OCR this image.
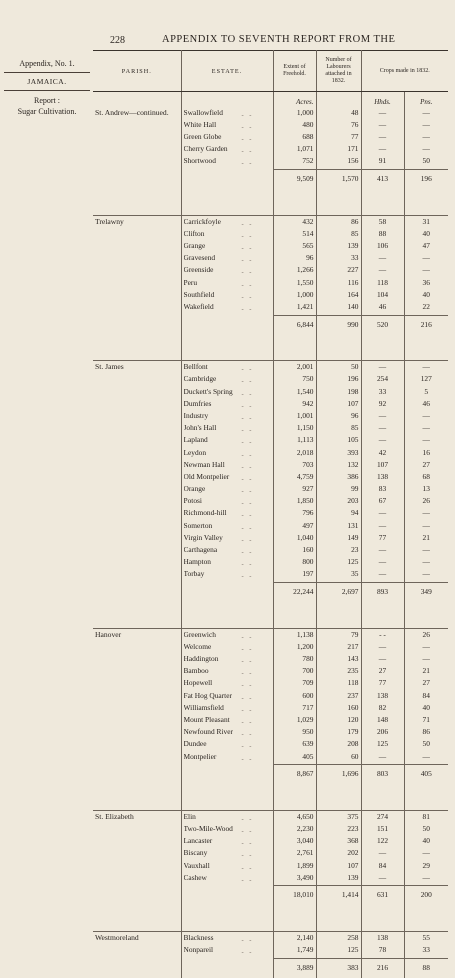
228	APPENDIX TO SEVENTH REPORT FROM THE
Appendix, No. 1.
JAMAICA.
Report :
Sugar Cultivation.
PARISH.	ESTATE.	Extent of Freehold.	Number of Labourers attached in 1832.	Crops made in 1832.	
		Acres.		Hhds.	Pns.
St. Andrew—continued.	Swallowfield - -	1,000	48	—	—
	White Hall - -	480	76	—	—
	Green Globe - -	688	77	—	—
	Cherry Garden - -	1,071	171	—	—
	Shortwood - -	752	156	91	50
		9,509	1,570	413	196

Trelawny	Carrickfoyle - -	432	86	58	31
	Clifton - -	514	85	88	40
	Grange - -	565	139	106	47
	Gravesend - -	96	33	—	—
	Greenside - -	1,266	227	—	—
	Peru - -	1,550	116	118	36
	Southfield - -	1,000	164	104	40
	Wakefield - -	1,421	140	46	22
		6,844	990	520	216

St. James	Bellfont - -	2,001	50	—	—
	Cambridge - -	750	196	254	127
	Duckett's Spring - -	1,540	198	33	5
	Dumfries - -	942	107	92	46
	Industry - -	1,001	96	—	—
	John's Hall - -	1,150	85	—	—
	Lapland - -	1,113	105	—	—
	Leydon - -	2,018	393	42	16
	Newman Hall - -	703	132	107	27
	Old Montpelier - -	4,759	386	138	68
	Orange - -	927	99	83	13
	Potosi - -	1,850	203	67	26
	Richmond-hill - -	796	94	—	—
	Somerton - -	497	131	—	—
	Virgin Valley - -	1,040	149	77	21
	Carthagena - -	160	23	—	—
	Hampton - -	800	125	—	—
	Torbay - -	197	35	—	—
		22,244	2,697	893	349

Hanover	Greenwich - -	1,138	79	- -	26
	Welcome - -	1,200	217	—	—
	Haddington - -	780	143	—	—
	Bamboo - -	700	235	27	21
	Hopewell - -	709	118	77	27
	Fat Hog Quarter - -	600	237	138	84
	Williamsfield - -	717	160	82	40
	Mount Pleasant - -	1,029	120	148	71
	Newfound River - -	950	179	206	86
	Dundee - -	639	208	125	50
	Montpelier - -	405	60	—	—
		8,867	1,696	803	405

St. Elizabeth	Elin - -	4,650	375	274	81
	Two-Mile-Wood - -	2,230	223	151	50
	Lancaster - -	3,040	368	122	40
	Biscany - -	2,761	202	—	—
	Vauxhall - -	1,899	107	84	29
	Cashew - -	3,490	139	—	—
		18,010	1,414	631	200

Westmoreland	Blackness - -	2,140	258	138	55
	Nonpareil - -	1,749	125	78	33
		3,889	383	216	88
